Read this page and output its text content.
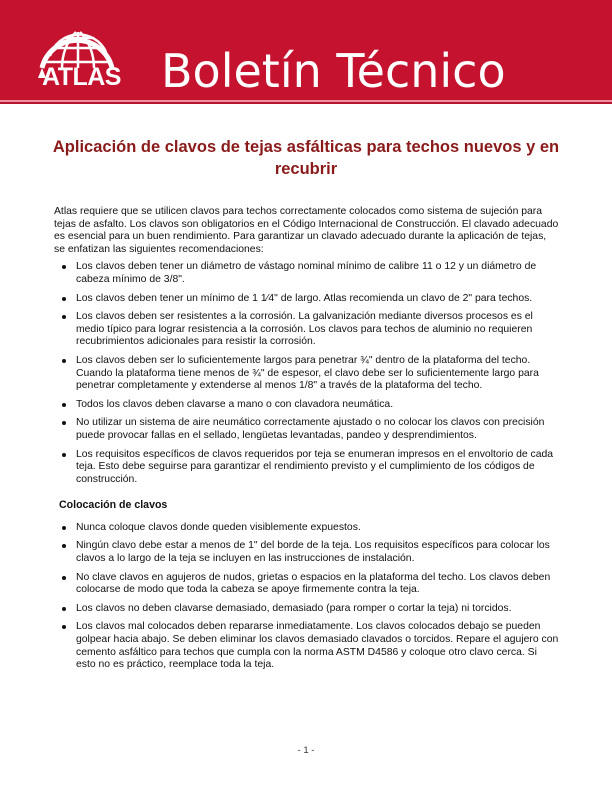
ATLAS Boletín Técnico
Aplicación de clavos de tejas asfálticas para techos nuevos y en recubrir

Atlas requiere que se utilicen clavos para techos correctamente colocados como sistema de sujeción para tejas de asfalto. Los clavos son obligatorios en el Código Internacional de Construcción. El clavado adecuado es esencial para un buen rendimiento. Para garantizar un clavado adecuado durante la aplicación de tejas, se enfatizan las siguientes recomendaciones:

Los clavos deben tener un diámetro de vástago nominal mínimo de calibre 11 o 12 y un diámetro de cabeza mínimo de 3/8".
Los clavos deben tener un mínimo de 1 1⁄4" de largo. Atlas recomienda un clavo de 2" para techos.
Los clavos deben ser resistentes a la corrosión. La galvanización mediante diversos procesos es el medio típico para lograr resistencia a la corrosión. Los clavos para techos de aluminio no requieren recubrimientos adicionales para resistir la corrosión.
Los clavos deben ser lo suficientemente largos para penetrar ¾" dentro de la plataforma del techo. Cuando la plataforma tiene menos de ¾" de espesor, el clavo debe ser lo suficientemente largo para penetrar completamente y extenderse al menos 1/8" a través de la plataforma del techo.
Todos los clavos deben clavarse a mano o con clavadora neumática.
No utilizar un sistema de aire neumático correctamente ajustado o no colocar los clavos con precisión puede provocar fallas en el sellado, lengüetas levantadas, pandeo y desprendimientos.
Los requisitos específicos de clavos requeridos por teja se enumeran impresos en el envoltorio de cada teja. Esto debe seguirse para garantizar el rendimiento previsto y el cumplimiento de los códigos de construcción.
Colocación de clavos
Nunca coloque clavos donde queden visiblemente expuestos.
Ningún clavo debe estar a menos de 1" del borde de la teja. Los requisitos específicos para colocar los clavos a lo largo de la teja se incluyen en las instrucciones de instalación.
No clave clavos en agujeros de nudos, grietas o espacios en la plataforma del techo. Los clavos deben colocarse de modo que toda la cabeza se apoye firmemente contra la teja.
Los clavos no deben clavarse demasiado, demasiado (para romper o cortar la teja) ni torcidos.
Los clavos mal colocados deben repararse inmediatamente. Los clavos colocados debajo se pueden golpear hacia abajo. Se deben eliminar los clavos demasiado clavados o torcidos. Repare el agujero con cemento asfáltico para techos que cumpla con la norma ASTM D4586 y coloque otro clavo cerca. Si esto no es práctico, reemplace toda la teja.
- 1 -
